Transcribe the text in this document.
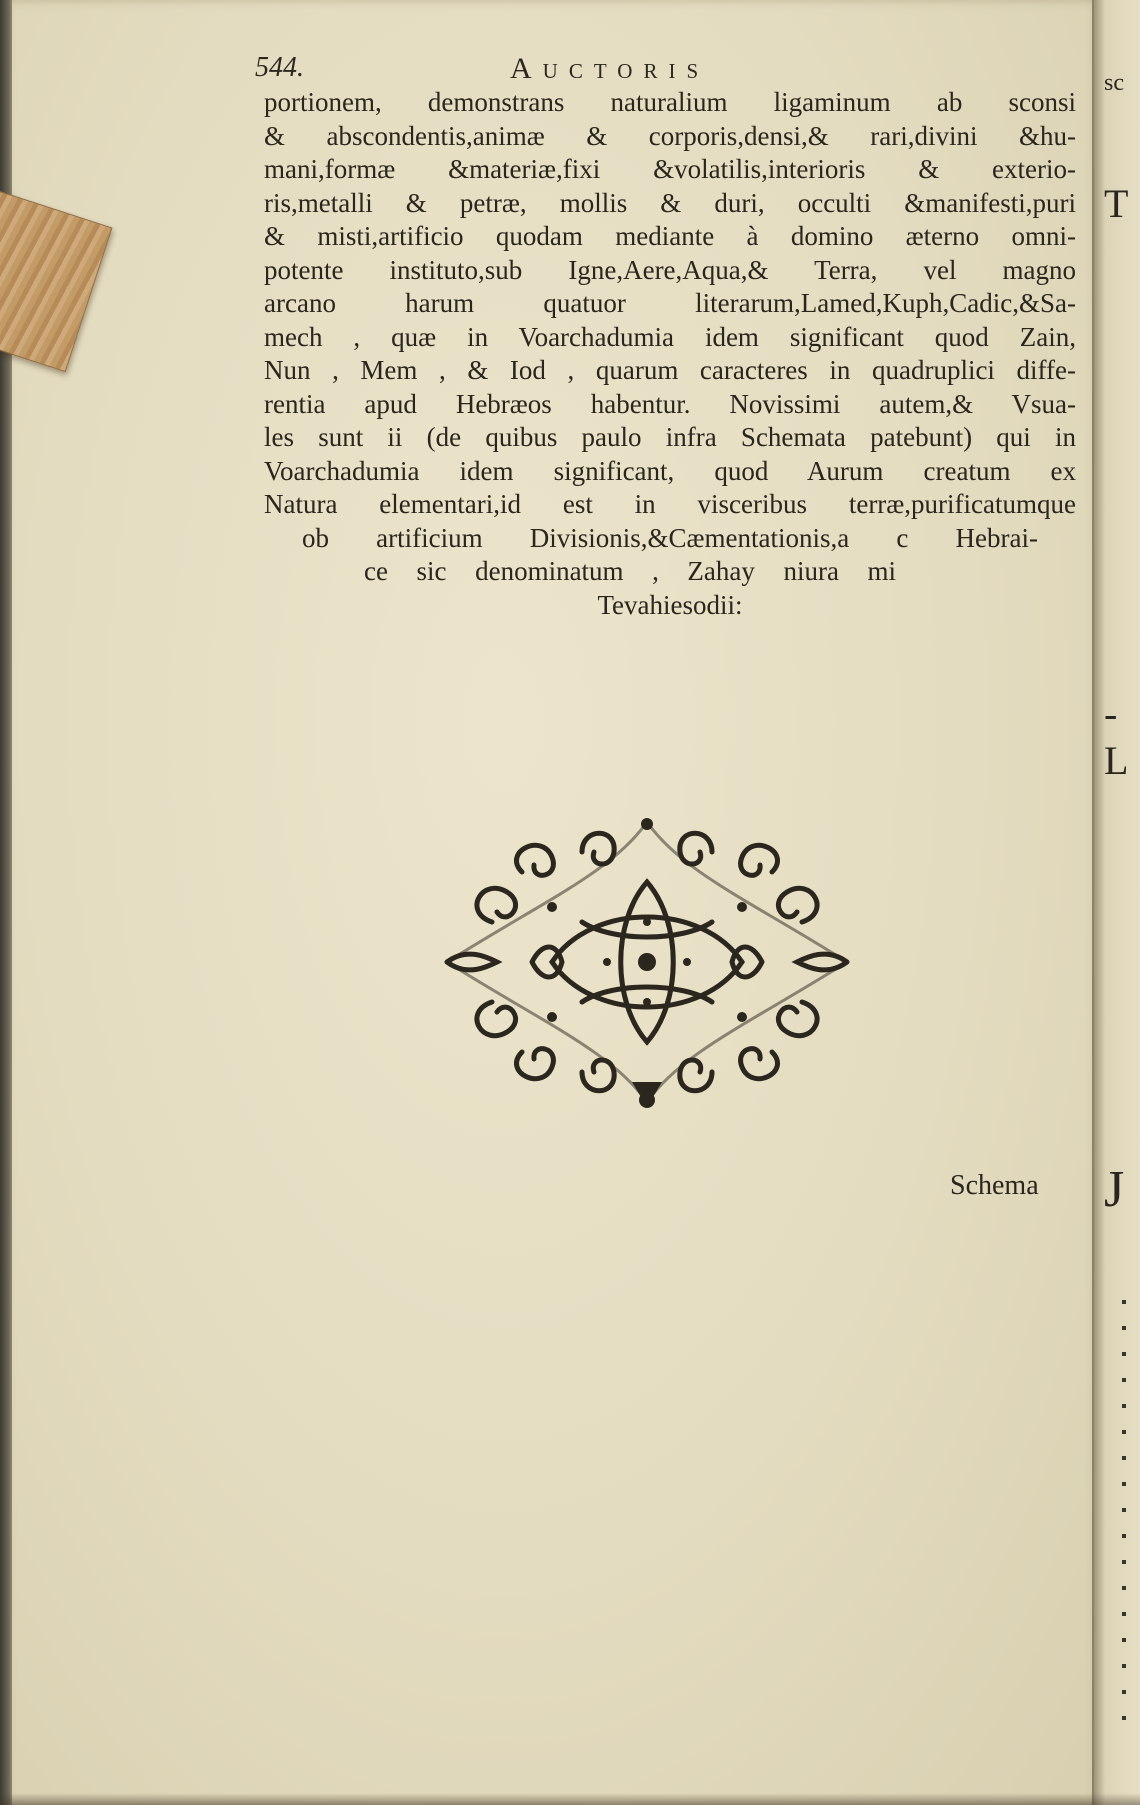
544.	Auctoris
portionem, demonstrans naturalium ligaminum ab sconsi
& abscondentis,animæ & corporis,densi,& rari,divini &hu-
mani,formæ &materiæ,fixi &volatilis,interioris & exterio-
ris,metalli & petræ, mollis & duri, occulti &manifesti,puri
& misti,artificio quodam mediante à domino æterno omni-
potente instituto,sub Igne,Aere,Aqua,& Terra, vel magno
arcano harum quatuor literarum,Lamed,Kuph,Cadic,&Sa-
mech , quæ in Voarchadumia idem significant quod Zain,
Nun , Mem , & Iod , quarum caracteres in quadruplici diffe-
rentia apud Hebræos habentur. Novissimi autem,& Vsua-
les sunt ii (de quibus paulo infra Schemata patebunt) qui in
Voarchadumia idem significant, quod Aurum creatum ex
Natura elementari,id est in visceribus terræ,purificatumque
ob artificium Divisionis,&Cæmentationis,a c Hebrai-
ce sic denominatum , Zahay niura mi
Tevahiesodii:
Schema
sc
T
-L
J
